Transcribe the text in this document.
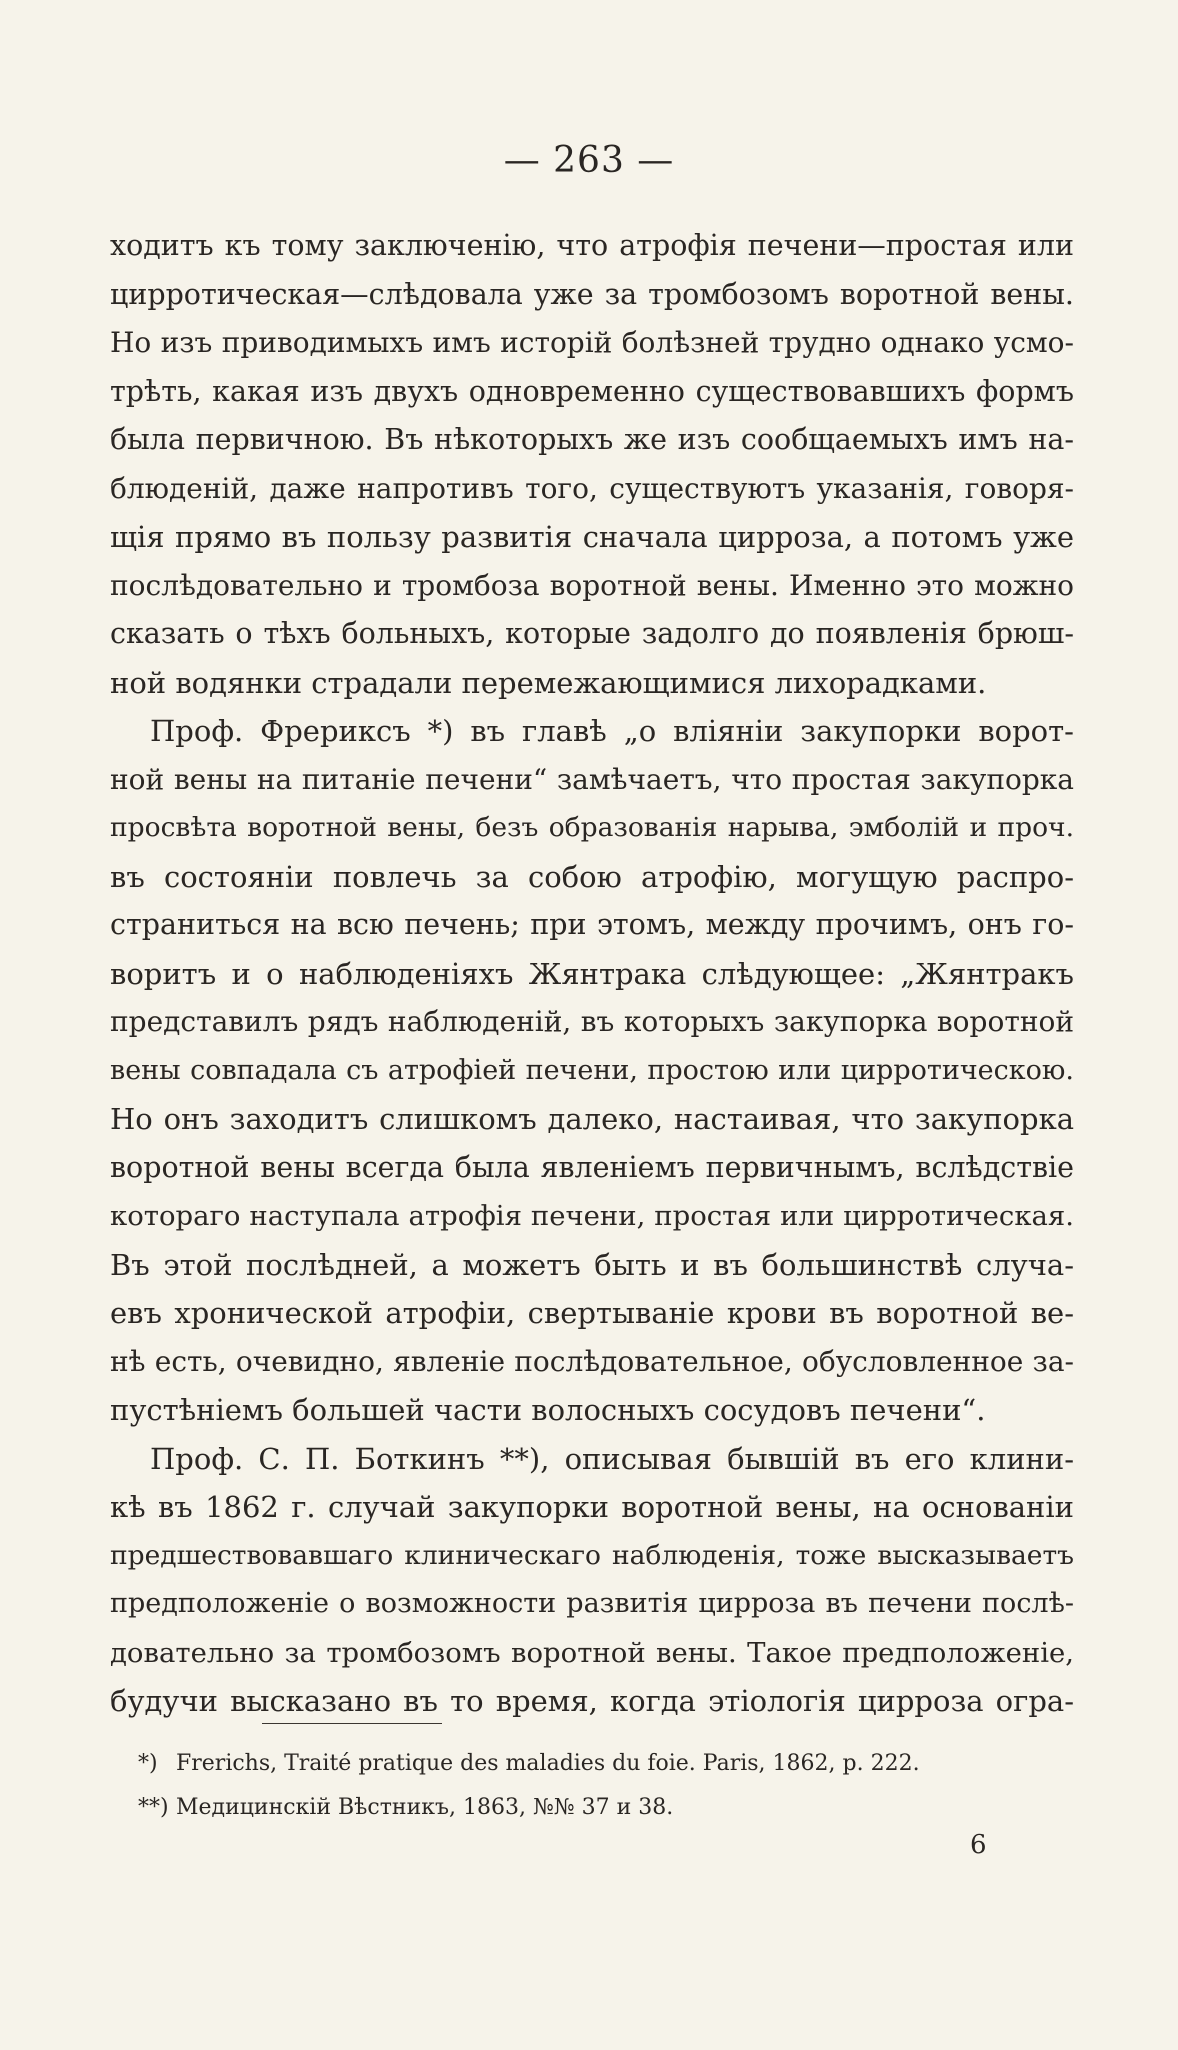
— 263 —
ходитъ къ тому заключенію, что атрофія печени—простая или
цирротическая—слѣдовала уже за тромбозомъ воротной вены.
Но изъ приводимыхъ имъ исторій болѣзней трудно однако усмо-
трѣть, какая изъ двухъ одновременно существовавшихъ формъ
была первичною. Въ нѣкоторыхъ же изъ сообщаемыхъ имъ на-
блюденій, даже напротивъ того, существуютъ указанія, говоря-
щія прямо въ пользу развитія сначала цирроза, а потомъ уже
послѣдовательно и тромбоза воротной вены. Именно это можно
сказать о тѣхъ больныхъ, которые задолго до появленія брюш-
ной водянки страдали перемежающимися лихорадками.
Проф. Фрериксъ *) въ главѣ „о вліяніи закупорки ворот-
ной вены на питаніе печени“ замѣчаетъ, что простая закупорка
просвѣта воротной вены, безъ образованія нарыва, эмболій и проч.
въ состояніи повлечь за собою атрофію, могущую распро-
страниться на всю печень; при этомъ, между прочимъ, онъ го-
воритъ и о наблюденіяхъ Жянтрака слѣдующее: „Жянтракъ
представилъ рядъ наблюденій, въ которыхъ закупорка воротной
вены совпадала съ атрофіей печени, простою или цирротическою.
Но онъ заходитъ слишкомъ далеко, настаивая, что закупорка
воротной вены всегда была явленіемъ первичнымъ, вслѣдствіе
котораго наступала атрофія печени, простая или цирротическая.
Въ этой послѣдней, а можетъ быть и въ большинствѣ случа-
евъ хронической атрофіи, свертываніе крови въ воротной ве-
нѣ есть, очевидно, явленіе послѣдовательное, обусловленное за-
пустѣніемъ большей части волосныхъ сосудовъ печени“.
Проф. С. П. Боткинъ **), описывая бывшій въ его клини-
кѣ въ 1862 г. случай закупорки воротной вены, на основаніи
предшествовавшаго клиническаго наблюденія, тоже высказываетъ
предположеніе о возможности развитія цирроза въ печени послѣ-
довательно за тромбозомъ воротной вены. Такое предположеніе,
будучи высказано въ то время, когда этіологія цирроза огра-
*) Frerichs, Traité pratique des maladies du foie. Paris, 1862, p. 222.
**) Медицинскій Вѣстникъ, 1863, №№ 37 и 38.
6
